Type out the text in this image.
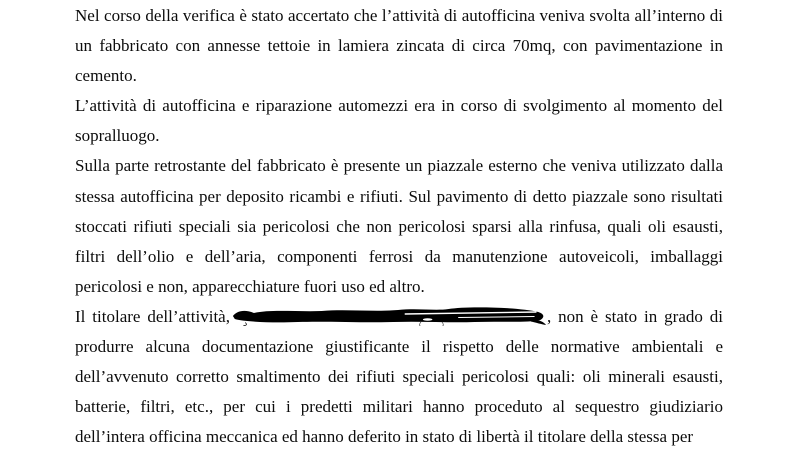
Nel corso della verifica è stato accertato che l’attività di autofficina veniva svolta all’interno di un fabbricato con annesse tettoie in lamiera zincata di circa 70mq, con pavimentazione in cemento.

L’attività di autofficina e riparazione automezzi era in corso di svolgimento al momento del sopralluogo.

Sulla parte retrostante del fabbricato è presente un piazzale esterno che veniva utilizzato dalla stessa autofficina per deposito ricambi e rifiuti. Sul pavimento di detto piazzale sono risultati stoccati rifiuti speciali sia pericolosi che non pericolosi sparsi alla rinfusa, quali oli esausti, filtri dell’olio e dell’aria, componenti ferrosi da manutenzione autoveicoli, imballaggi pericolosi e non, apparecchiature fuori uso ed altro.

Il titolare dell’attività,	, non è stato in grado di produrre alcuna documentazione giustificante il rispetto delle normative ambientali e dell’avvenuto corretto smaltimento dei rifiuti speciali pericolosi quali: oli minerali esausti, batterie, filtri, etc., per cui i predetti militari hanno proceduto al sequestro giudiziario dell’intera officina meccanica ed hanno deferito in stato di libertà il titolare della stessa per
